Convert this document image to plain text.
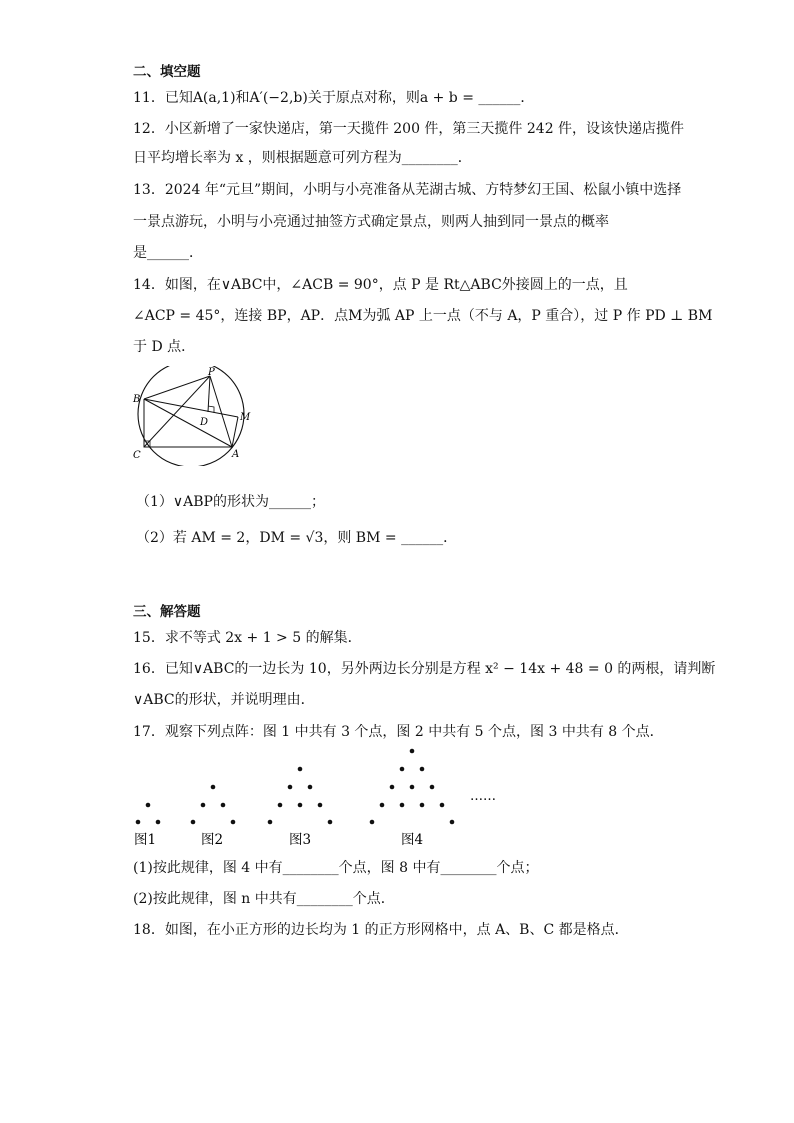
二、填空题
11．已知A(a,1)和A′(−2,b)关于原点对称，则a + b = ______．
12．小区新增了一家快递店，第一天揽件 200 件，第三天揽件 242 件，设该快递店揽件
日平均增长率为 x ，则根据题意可列方程为________．
13．2024 年“元旦”期间，小明与小亮准备从芜湖古城、方特梦幻王国、松鼠小镇中选择
一景点游玩，小明与小亮通过抽签方式确定景点，则两人抽到同一景点的概率
是______．
14．如图，在∨ABC中，∠ACB = 90°，点 P 是 Rt△ABC外接圆上的一点，且
∠ACP = 45°，连接 BP，AP．点M为弧 AP 上一点（不与 A，P 重合），过 P 作 PD ⊥ BM
于 D 点．
P
B
D	M
C	A
（1）∨ABP的形状为______；
（2）若 AM = 2，DM = √3，则 BM = ______．
三、解答题
15．求不等式 2x + 1 > 5 的解集．
16．已知∨ABC的一边长为 10，另外两边长分别是方程 x² − 14x + 48 = 0 的两根，请判断
∨ABC的形状，并说明理由．
17．观察下列点阵：图 1 中共有 3 个点，图 2 中共有 5 个点，图 3 中共有 8 个点．
……
图1	图2	图3	图4
(1)按此规律，图 4 中有________个点，图 8 中有________个点；
(2)按此规律，图 n 中共有________个点．
18．如图，在小正方形的边长均为 1 的正方形网格中，点 A、B、C 都是格点．
